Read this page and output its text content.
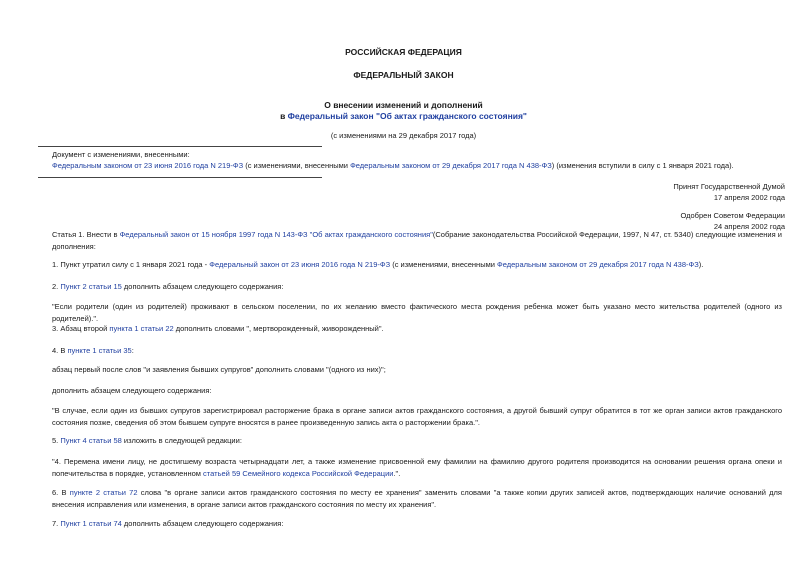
РОССИЙСКАЯ ФЕДЕРАЦИЯ
ФЕДЕРАЛЬНЫЙ ЗАКОН
О внесении изменений и дополнений
в Федеральный закон "Об актах гражданского состояния"
(с изменениями на 29 декабря 2017 года)
Документ с изменениями, внесенными:
Федеральным законом от 23 июня 2016 года N 219-ФЗ (с изменениями, внесенными Федеральным законом от 29 декабря 2017 года N 438-ФЗ) (изменения вступили в силу с 1 января 2021 года).
Принят Государственной Думой
17 апреля 2002 года
Одобрен Советом Федерации
24 апреля 2002 года
Статья 1. Внести в Федеральный закон от 15 ноября 1997 года N 143-ФЗ "Об актах гражданского состояния"(Собрание законодательства Российской Федерации, 1997, N 47, ст. 5340) следующие изменения и дополнения:
1. Пункт утратил силу с 1 января 2021 года - Федеральный закон от 23 июня 2016 года N 219-ФЗ (с изменениями, внесенными Федеральным законом от 29 декабря 2017 года N 438-ФЗ).
2. Пункт 2 статьи 15 дополнить абзацем следующего содержания:
"Если родители (один из родителей) проживают в сельском поселении, по их желанию вместо фактического места рождения ребенка может быть указано место жительства родителей (одного из родителей).".
3. Абзац второй пункта 1 статьи 22 дополнить словами ", мертворожденный, живорожденный".
4. В пункте 1 статьи 35:
абзац первый после слов "и заявления бывших супругов" дополнить словами "(одного из них)";
дополнить абзацем следующего содержания:
"В случае, если один из бывших супругов зарегистрировал расторжение брака в органе записи актов гражданского состояния, а другой бывший супруг обратится в тот же орган записи актов гражданского состояния позже, сведения об этом бывшем супруге вносятся в ранее произведенную запись акта о расторжении брака.".
5. Пункт 4 статьи 58 изложить в следующей редакции:
"4. Перемена имени лицу, не достигшему возраста четырнадцати лет, а также изменение присвоенной ему фамилии на фамилию другого родителя производится на основании решения органа опеки и попечительства в порядке, установленном статьей 59 Семейного кодекса Российской Федерации.".
6. В пункте 2 статьи 72 слова "в органе записи актов гражданского состояния по месту ее хранения" заменить словами "а также копии других записей актов, подтверждающих наличие оснований для внесения исправления или изменения, в органе записи актов гражданского состояния по месту их хранения".
7. Пункт 1 статьи 74 дополнить абзацем следующего содержания:
